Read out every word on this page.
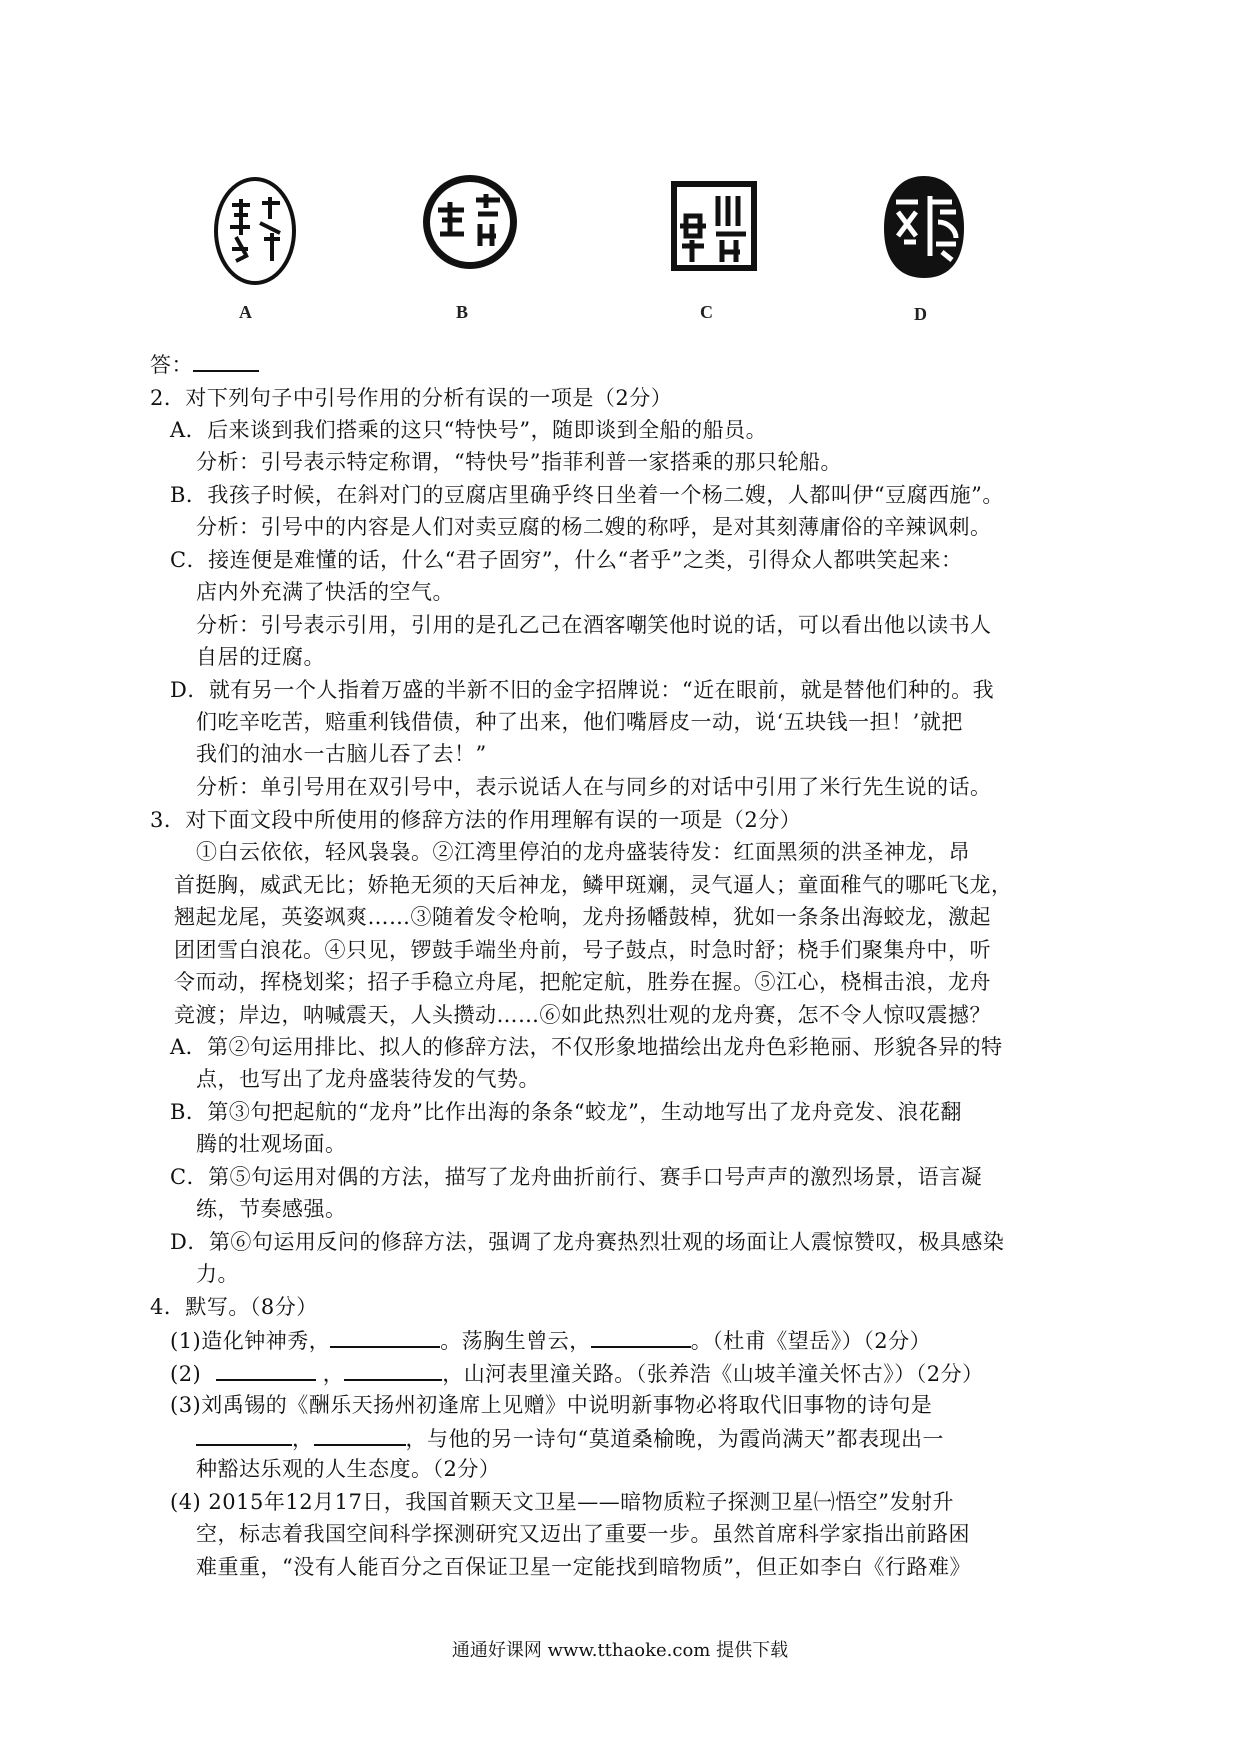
A	B	C	D
答：
2．对下列句子中引号作用的分析有误的一项是（2分）
A．后来谈到我们搭乘的这只“特快号”，随即谈到全船的船员。
分析：引号表示特定称谓，“特快号”指菲利普一家搭乘的那只轮船。
B．我孩子时候，在斜对门的豆腐店里确乎终日坐着一个杨二嫂，人都叫伊“豆腐西施”。
分析：引号中的内容是人们对卖豆腐的杨二嫂的称呼，是对其刻薄庸俗的辛辣讽刺。
C．接连便是难懂的话，什么“君子固穷”，什么“者乎”之类，引得众人都哄笑起来：
店内外充满了快活的空气。
分析：引号表示引用，引用的是孔乙己在酒客嘲笑他时说的话，可以看出他以读书人
自居的迂腐。
D．就有另一个人指着万盛的半新不旧的金字招牌说：“近在眼前，就是替他们种的。我
们吃辛吃苦，赔重利钱借债，种了出来，他们嘴唇皮一动，说‘五块钱一担！’就把
我们的油水一古脑儿吞了去！”
分析：单引号用在双引号中，表示说话人在与同乡的对话中引用了米行先生说的话。
3．对下面文段中所使用的修辞方法的作用理解有误的一项是（2分）
①白云依依，轻风袅袅。②江湾里停泊的龙舟盛装待发：红面黑须的洪圣神龙，昂
首挺胸，威武无比；娇艳无须的天后神龙，鳞甲斑斓，灵气逼人；童面稚气的哪吒飞龙，
翘起龙尾，英姿飒爽……③随着发令枪响，龙舟扬幡鼓棹，犹如一条条出海蛟龙，激起
团团雪白浪花。④只见，锣鼓手端坐舟前，号子鼓点，时急时舒；桡手们聚集舟中，听
令而动，挥桡划桨；招子手稳立舟尾，把舵定航，胜券在握。⑤江心，桡楫击浪，龙舟
竞渡；岸边，呐喊震天，人头攒动……⑥如此热烈壮观的龙舟赛，怎不令人惊叹震撼？
A．第②句运用排比、拟人的修辞方法，不仅形象地描绘出龙舟色彩艳丽、形貌各异的特
点，也写出了龙舟盛装待发的气势。
B．第③句把起航的“龙舟”比作出海的条条“蛟龙”，生动地写出了龙舟竞发、浪花翻
腾的壮观场面。
C．第⑤句运用对偶的方法，描写了龙舟曲折前行、赛手口号声声的激烈场景，语言凝
练，节奏感强。
D．第⑥句运用反问的修辞方法，强调了龙舟赛热烈壮观的场面让人震惊赞叹，极具感染
力。
4．默写。（8分）
(1)造化钟神秀，	。荡胸生曾云，	。（杜甫《望岳》）（2分）
(2)	，	，山河表里潼关路。（张养浩《山坡羊潼关怀古》）（2分）
(3)刘禹锡的《酬乐天扬州初逢席上见赠》中说明新事物必将取代旧事物的诗句是
，	，与他的另一诗句“莫道桑榆晚，为霞尚满天”都表现出一
种豁达乐观的人生态度。（2分）
(4) 2015年12月17日，我国首颗天文卫星——暗物质粒子探测卫星㈠悟空”发射升
空，标志着我国空间科学探测研究又迈出了重要一步。虽然首席科学家指出前路困
难重重，“没有人能百分之百保证卫星一定能找到暗物质”，但正如李白《行路难》
通通好课网 www.tthaoke.com 提供下载
